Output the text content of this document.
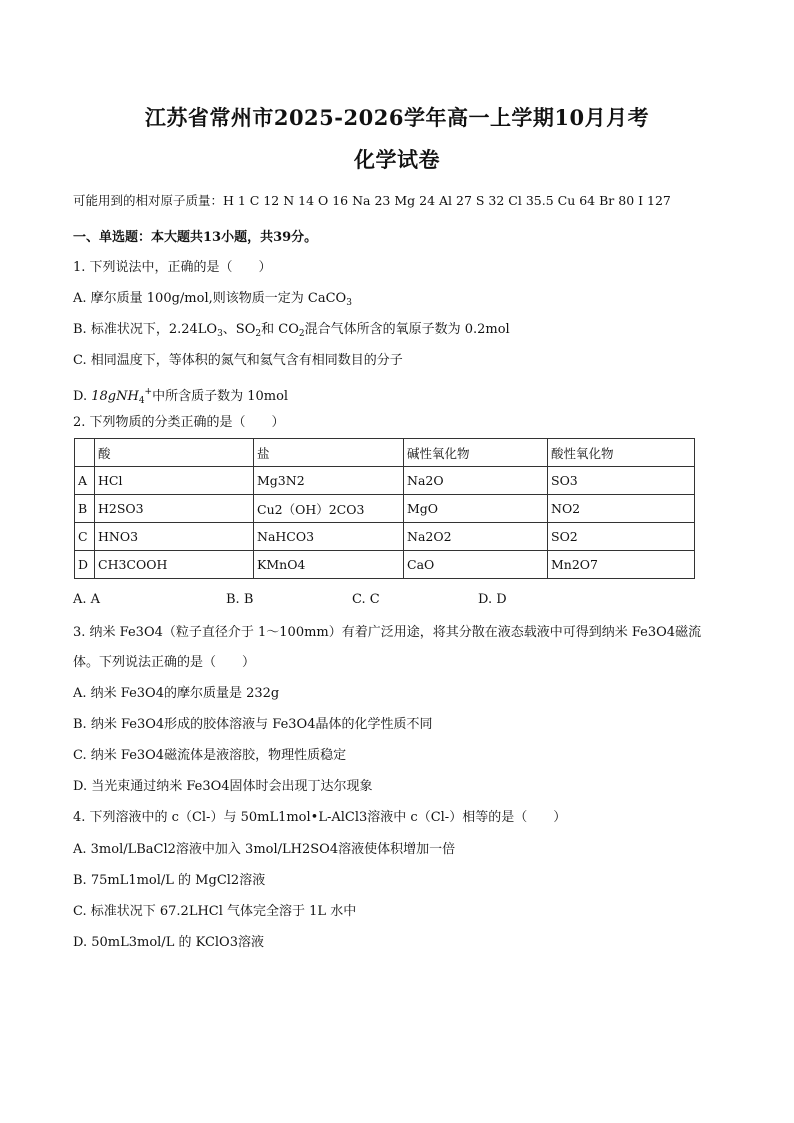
江苏省常州市2025-2026学年高一上学期10月月考
化学试卷
可能用到的相对原子质量：H 1 C 12 N 14 O 16 Na 23 Mg 24 Al 27 S 32 Cl 35.5 Cu 64 Br 80 I 127
一、单选题：本大题共13小题，共39分。
1. 下列说法中，正确的是（　　）
A. 摩尔质量 100g/mol,则该物质一定为 CaCO$_3$
B. 标准状况下，$2.24LO_3$、$SO_2$和 $CO_2$混合气体所含的氧原子数为 0.2mol
C. 相同温度下，等体积的氮气和氦气含有相同数目的分子
D. 18gNH$_4$+中所含质子数为 10mol
2. 下列物质的分类正确的是（　　）
	酸	盐	碱性氧化物	酸性氧化物
A	HCl	Mg3N2	Na2O	SO3
B	H2SO3	Cu2（OH）2CO3	MgO	NO2
C	HNO3	NaHCO3	Na2O2	SO2
D	CH3COOH	KMnO4	CaO	Mn2O7
A. A	B. B	C. C	D. D
3. 纳米 Fe3O4（粒子直径介于 1～100mm）有着广泛用途，将其分散在液态载液中可得到纳米 Fe3O4磁流
体。下列说法正确的是（　　）
A. 纳米 Fe3O4的摩尔质量是 232g
B. 纳米 Fe3O4形成的胶体溶液与 Fe3O4晶体的化学性质不同
C. 纳米 Fe3O4磁流体是液溶胶，物理性质稳定
D. 当光束通过纳米 Fe3O4固体时会出现丁达尔现象
4. 下列溶液中的 c（Cl-）与 50mL1mol•L-AlCl3溶液中 c（Cl-）相等的是（　　）
A. 3mol/LBaCl2溶液中加入 3mol/LH2SO4溶液使体积增加一倍
B. 75mL1mol/L 的 MgCl2溶液
C. 标准状况下 67.2LHCl 气体完全溶于 1L 水中
D. 50mL3mol/L 的 KClO3溶液
